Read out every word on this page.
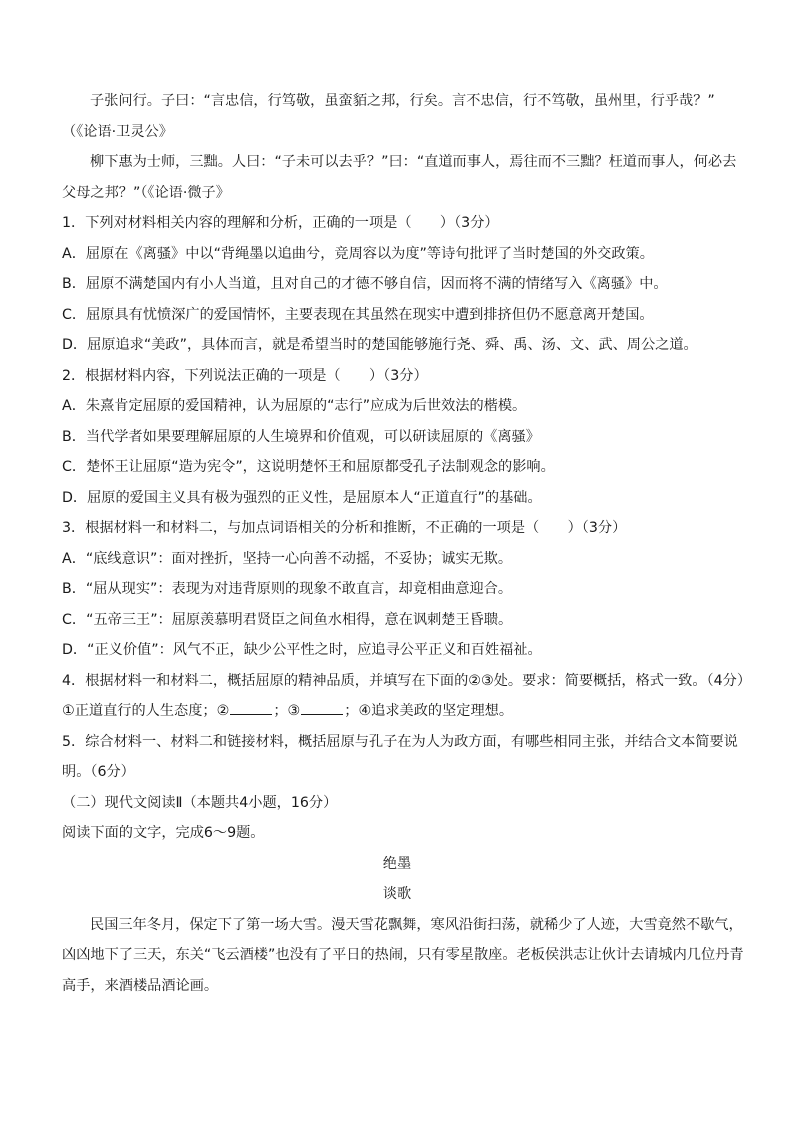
子张问行。子曰：“言忠信，行笃敬，虽蛮貊之邦，行矣。言不忠信，行不笃敬，虽州里，行乎哉？”

（《论语·卫灵公》

柳下惠为士师，三黜。人曰：“子未可以去乎？”曰：“直道而事人，焉往而不三黜？枉道而事人，何必去

父母之邦？”（《论语·微子》

1．下列对材料相关内容的理解和分析，正确的一项是（　　）（3分）

A．屈原在《离骚》中以“背绳墨以追曲兮，竞周容以为度”等诗句批评了当时楚国的外交政策。

B．屈原不满楚国内有小人当道，且对自己的才德不够自信，因而将不满的情绪写入《离骚》中。

C．屈原具有忧愤深广的爱国情怀，主要表现在其虽然在现实中遭到排挤但仍不愿意离开楚国。

D．屈原追求“美政”，具体而言，就是希望当时的楚国能够施行尧、舜、禹、汤、文、武、周公之道。

2．根据材料内容，下列说法正确的一项是（　　）（3分）

A．朱熹肯定屈原的爱国精神，认为屈原的“志行”应成为后世效法的楷模。

B．当代学者如果要理解屈原的人生境界和价值观，可以研读屈原的《离骚》

C．楚怀王让屈原“造为宪令”，这说明楚怀王和屈原都受孔子法制观念的影响。

D．屈原的爱国主义具有极为强烈的正义性，是屈原本人“正道直行”的基础。

3．根据材料一和材料二，与加点词语相关的分析和推断，不正确的一项是（　　）（3分）

A．“底线意识”：面对挫折，坚持一心向善不动摇，不妥协；诚实无欺。

B．“屈从现实”：表现为对违背原则的现象不敢直言，却竟相曲意迎合。

C．“五帝三王”：屈原羡慕明君贤臣之间鱼水相得，意在讽刺楚王昏聩。

D．“正义价值”：风气不正，缺少公平性之时，应追寻公平正义和百姓福祉。

4．根据材料一和材料二，概括屈原的精神品质，并填写在下面的②③处。要求：简要概括，格式一致。（4分）

①正道直行的人生态度；②	；③	；④追求美政的坚定理想。

5．综合材料一、材料二和链接材料，概括屈原与孔子在为人为政方面，有哪些相同主张，并结合文本简要说

明。（6分）

（二）现代文阅读Ⅱ（本题共4小题，16分）

阅读下面的文字，完成6～9题。

绝墨

谈歌

民国三年冬月，保定下了第一场大雪。漫天雪花飘舞，寒风沿街扫荡，就稀少了人迹，大雪竟然不歇气，

凶凶地下了三天，东关“飞云酒楼”也没有了平日的热闹，只有零星散座。老板侯洪志让伙计去请城内几位丹青

高手，来酒楼品酒论画。
